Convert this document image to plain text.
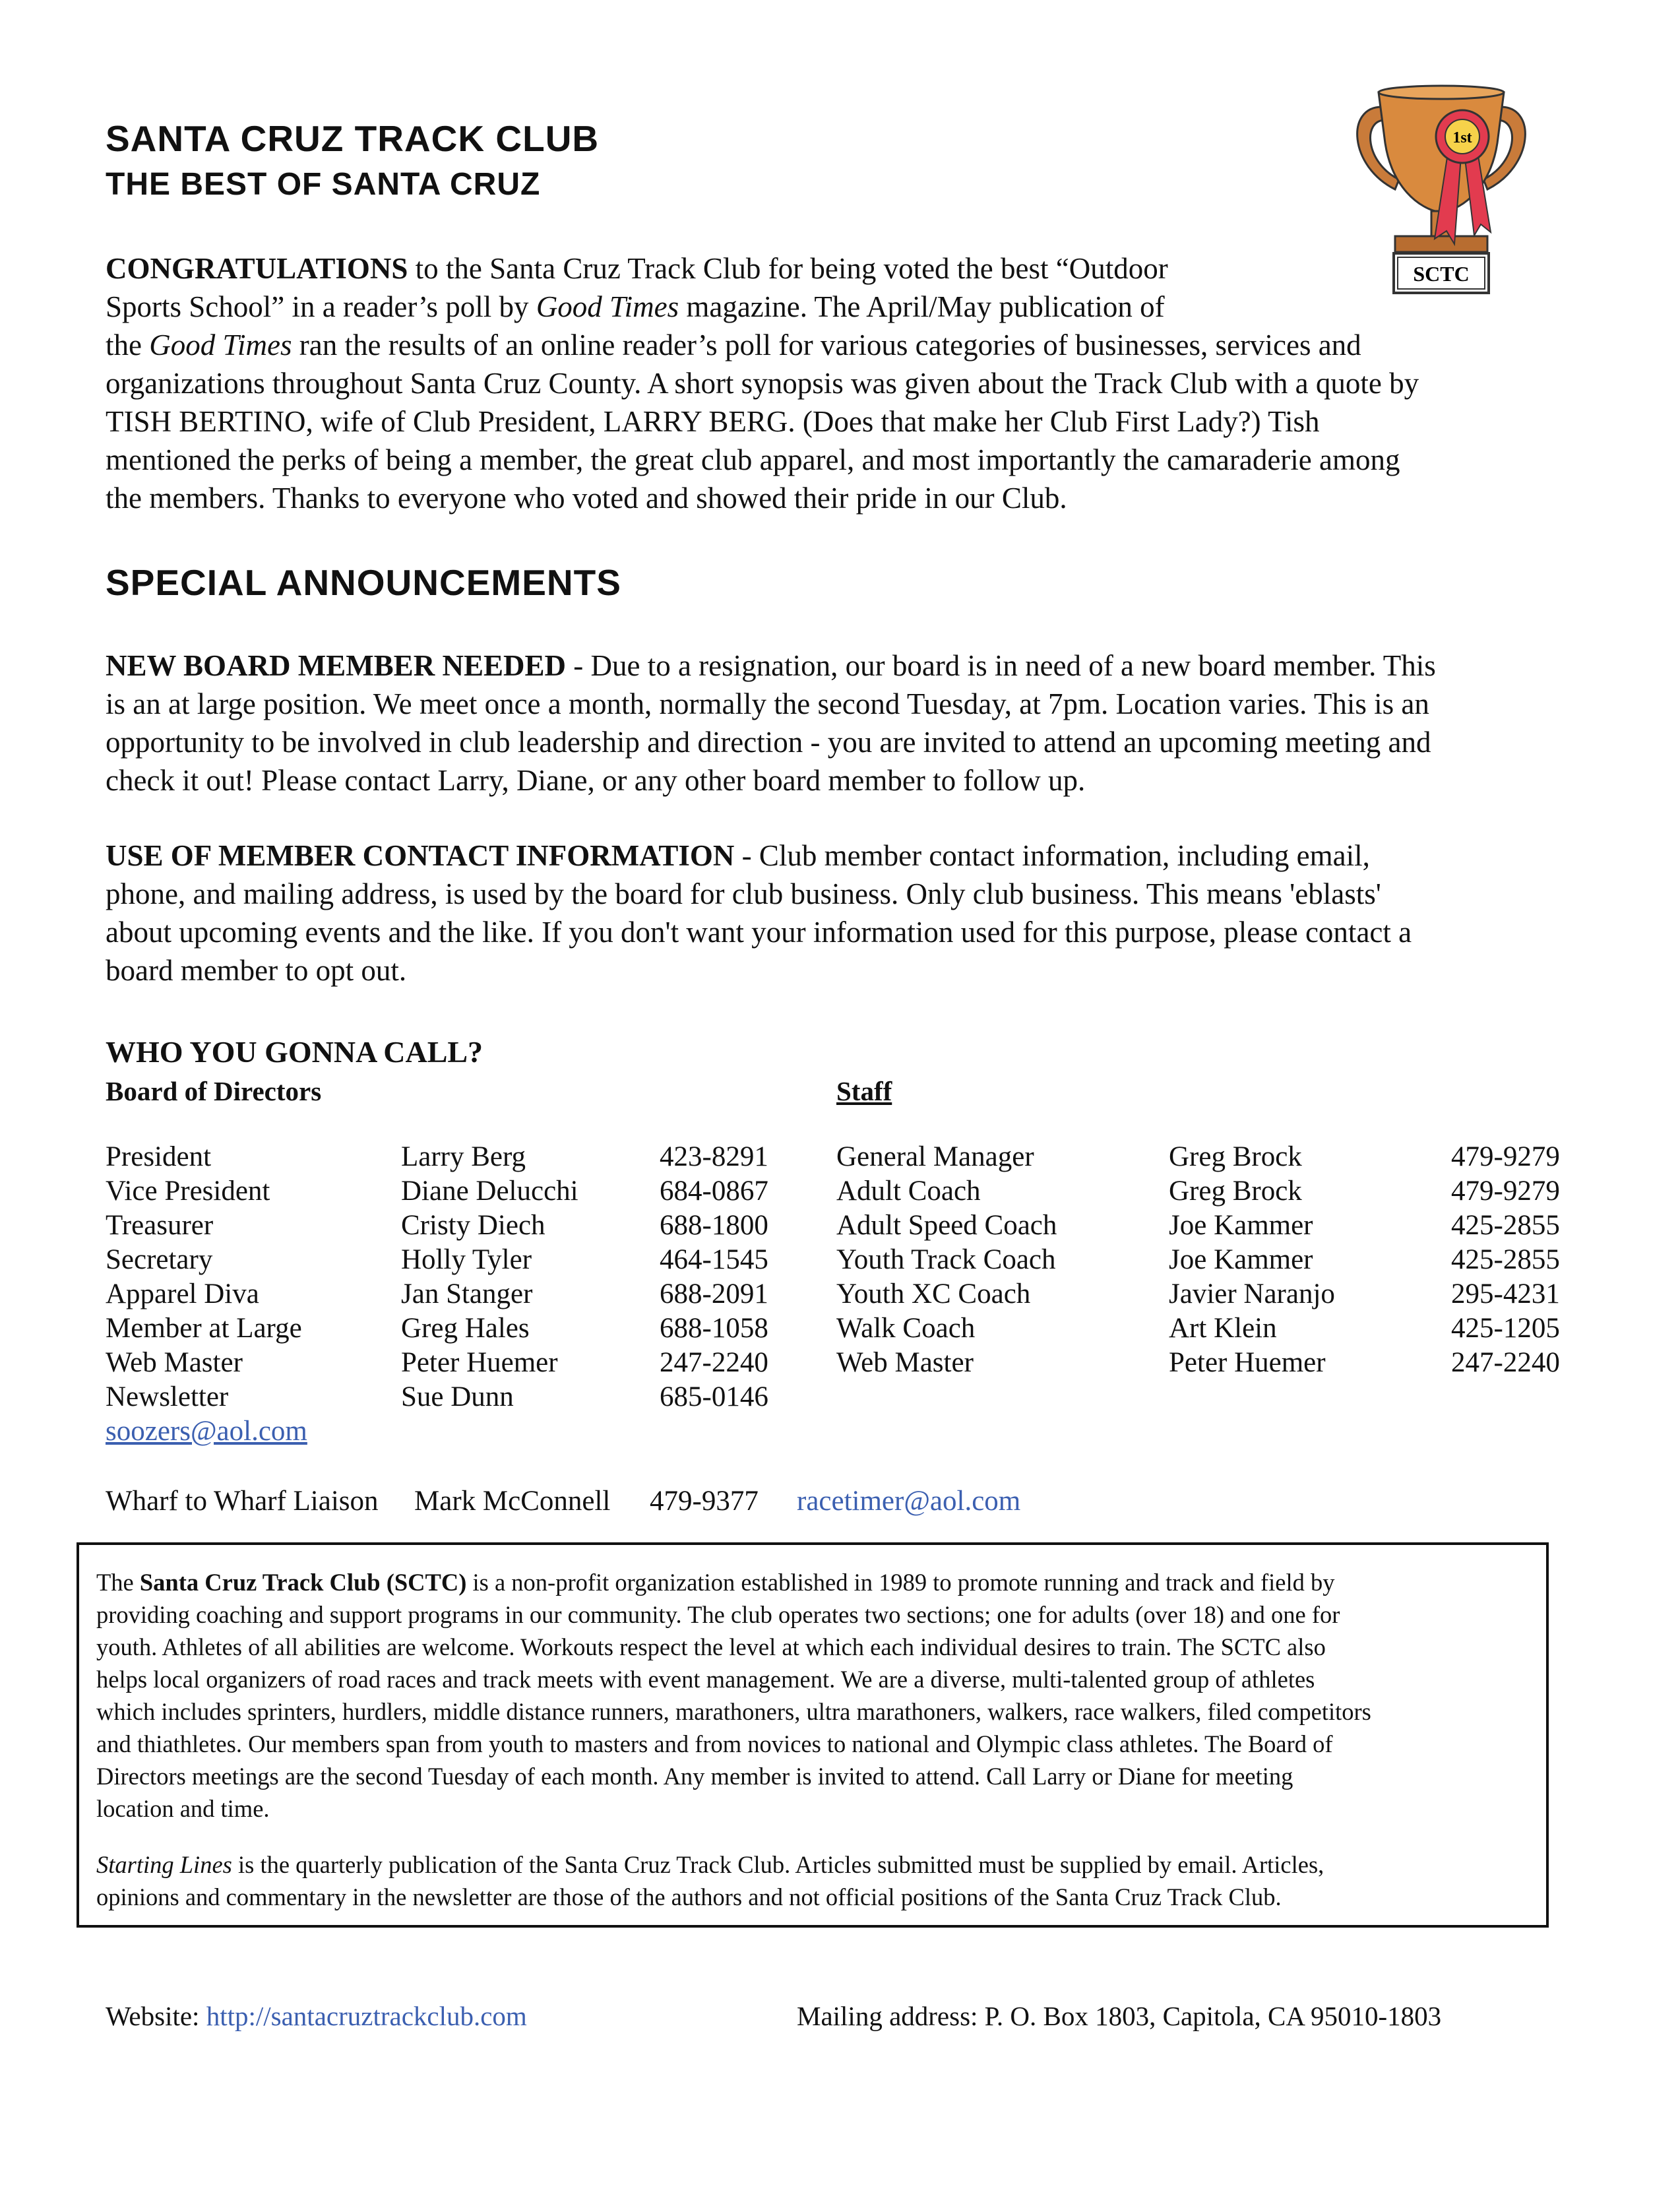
SANTA CRUZ TRACK CLUB
THE BEST OF SANTA CRUZ
SCTC
1st
CONGRATULATIONS to the Santa Cruz Track Club for being voted the best “Outdoor
Sports School” in a reader’s poll by Good Times magazine. The April/May publication of
the Good Times ran the results of an online reader’s poll for various categories of businesses, services and
organizations throughout Santa Cruz County. A short synopsis was given about the Track Club with a quote by
TISH BERTINO, wife of Club President, LARRY BERG. (Does that make her Club First Lady?) Tish
mentioned the perks of being a member, the great club apparel, and most importantly the camaraderie among
the members. Thanks to everyone who voted and showed their pride in our Club.
SPECIAL ANNOUNCEMENTS
NEW BOARD MEMBER NEEDED - Due to a resignation, our board is in need of a new board member. This
is an at large position. We meet once a month, normally the second Tuesday, at 7pm. Location varies. This is an
opportunity to be involved in club leadership and direction - you are invited to attend an upcoming meeting and
check it out! Please contact Larry, Diane, or any other board member to follow up.
USE OF MEMBER CONTACT INFORMATION - Club member contact information, including email,
phone, and mailing address, is used by the board for club business. Only club business. This means 'eblasts'
about upcoming events and the like. If you don't want your information used for this purpose, please contact a
board member to opt out.
WHO YOU GONNA CALL?
Board of Directors	Staff
President	Larry Berg	423-8291
Vice President	Diane Delucchi	684-0867
Treasurer	Cristy Diech	688-1800
Secretary	Holly Tyler	464-1545
Apparel Diva	Jan Stanger	688-2091
Member at Large	Greg Hales	688-1058
Web Master	Peter Huemer	247-2240
Newsletter	Sue Dunn	685-0146
soozers@aol.com
General Manager	Greg Brock	479-9279
Adult Coach	Greg Brock	479-9279
Adult Speed Coach	Joe Kammer	425-2855
Youth Track Coach	Joe Kammer	425-2855
Youth XC Coach	Javier Naranjo	295-4231
Walk Coach	Art Klein	425-1205
Web Master	Peter Huemer	247-2240
Wharf to Wharf Liaison Mark McConnell 479-9377 racetimer@aol.com
The Santa Cruz Track Club (SCTC) is a non-profit organization established in 1989 to promote running and track and field by
providing coaching and support programs in our community. The club operates two sections; one for adults (over 18) and one for
youth. Athletes of all abilities are welcome. Workouts respect the level at which each individual desires to train. The SCTC also
helps local organizers of road races and track meets with event management. We are a diverse, multi-talented group of athletes
which includes sprinters, hurdlers, middle distance runners, marathoners, ultra marathoners, walkers, race walkers, filed competitors
and thiathletes. Our members span from youth to masters and from novices to national and Olympic class athletes. The Board of
Directors meetings are the second Tuesday of each month. Any member is invited to attend. Call Larry or Diane for meeting
location and time.
Starting Lines is the quarterly publication of the Santa Cruz Track Club. Articles submitted must be supplied by email. Articles,
opinions and commentary in the newsletter are those of the authors and not official positions of the Santa Cruz Track Club.
Website: http://santacruztrackclub.com	Mailing address: P. O. Box 1803, Capitola, CA 95010-1803
